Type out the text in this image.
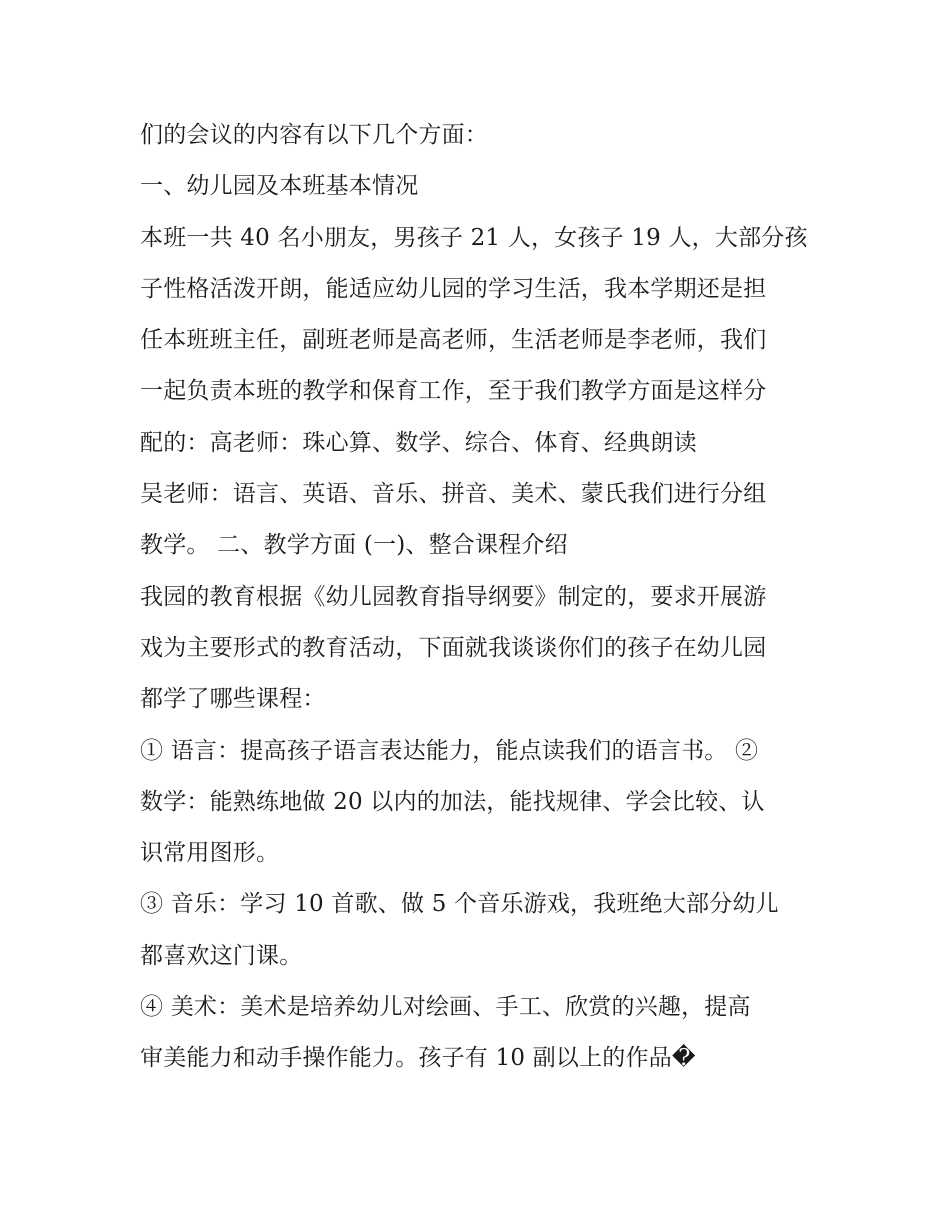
们的会议的内容有以下几个方面：
一、幼儿园及本班基本情况
本班一共 40 名小朋友，男孩子 21 人，女孩子 19 人，大部分孩
子性格活泼开朗，能适应幼儿园的学习生活，我本学期还是担
任本班班主任，副班老师是高老师，生活老师是李老师，我们
一起负责本班的教学和保育工作，至于我们教学方面是这样分
配的：高老师：珠心算、数学、综合、体育、经典朗读
吴老师：语言、英语、音乐、拼音、美术、蒙氏我们进行分组
教学。 二、教学方面 (一)、整合课程介绍
我园的教育根据《幼儿园教育指导纲要》制定的，要求开展游
戏为主要形式的教育活动，下面就我谈谈你们的孩子在幼儿园
都学了哪些课程：
① 语言：提高孩子语言表达能力，能点读我们的语言书。 ②
数学：能熟练地做 20 以内的加法，能找规律、学会比较、认
识常用图形。
③ 音乐：学习 10 首歌、做 5 个音乐游戏，我班绝大部分幼儿
都喜欢这门课。
④ 美术：美术是培养幼儿对绘画、手工、欣赏的兴趣，提高
审美能力和动手操作能力。孩子有 10 副以上的作品�
